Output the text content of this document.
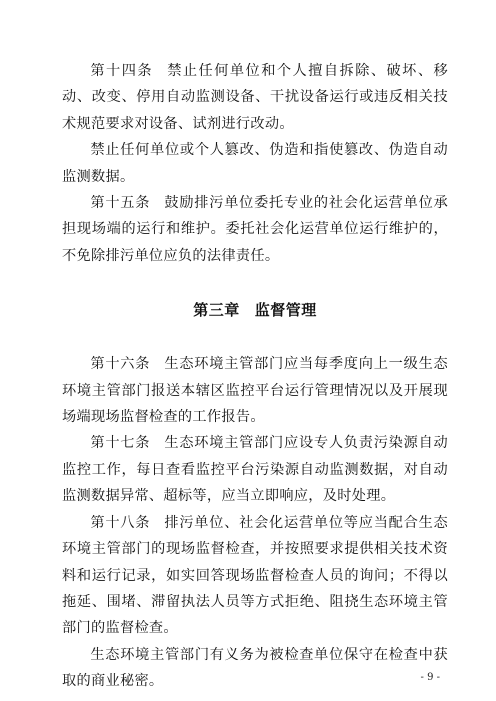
第十四条 禁止任何单位和个人擅自拆除、破坏、移动、改变、停用自动监测设备、干扰设备运行或违反相关技术规范要求对设备、试剂进行改动。

禁止任何单位或个人篡改、伪造和指使篡改、伪造自动监测数据。

第十五条 鼓励排污单位委托专业的社会化运营单位承担现场端的运行和维护。委托社会化运营单位运行维护的，不免除排污单位应负的法律责任。

第三章 监督管理

第十六条 生态环境主管部门应当每季度向上一级生态环境主管部门报送本辖区监控平台运行管理情况以及开展现场端现场监督检查的工作报告。

第十七条 生态环境主管部门应设专人负责污染源自动监控工作，每日查看监控平台污染源自动监测数据，对自动监测数据异常、超标等，应当立即响应，及时处理。

第十八条 排污单位、社会化运营单位等应当配合生态环境主管部门的现场监督检查，并按照要求提供相关技术资料和运行记录，如实回答现场监督检查人员的询问；不得以拖延、围堵、滞留执法人员等方式拒绝、阻挠生态环境主管部门的监督检查。

生态环境主管部门有义务为被检查单位保守在检查中获取的商业秘密。	- 9 -
